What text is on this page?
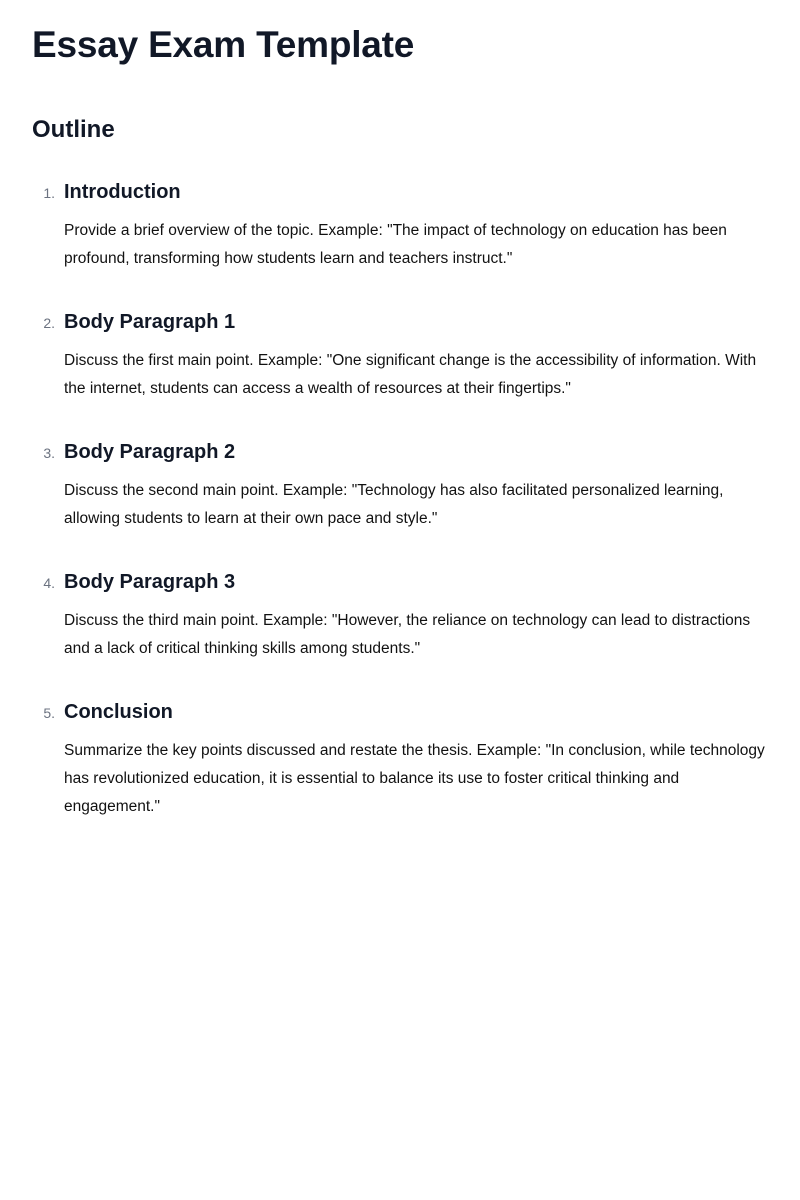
Essay Exam Template
Outline
1. Introduction

Provide a brief overview of the topic. Example: "The impact of technology on education has been profound, transforming how students learn and teachers instruct."

2. Body Paragraph 1

Discuss the first main point. Example: "One significant change is the accessibility of information. With the internet, students can access a wealth of resources at their fingertips."

3. Body Paragraph 2

Discuss the second main point. Example: "Technology has also facilitated personalized learning, allowing students to learn at their own pace and style."

4. Body Paragraph 3

Discuss the third main point. Example: "However, the reliance on technology can lead to distractions and a lack of critical thinking skills among students."

5. Conclusion

Summarize the key points discussed and restate the thesis. Example: "In conclusion, while technology has revolutionized education, it is essential to balance its use to foster critical thinking and engagement."
